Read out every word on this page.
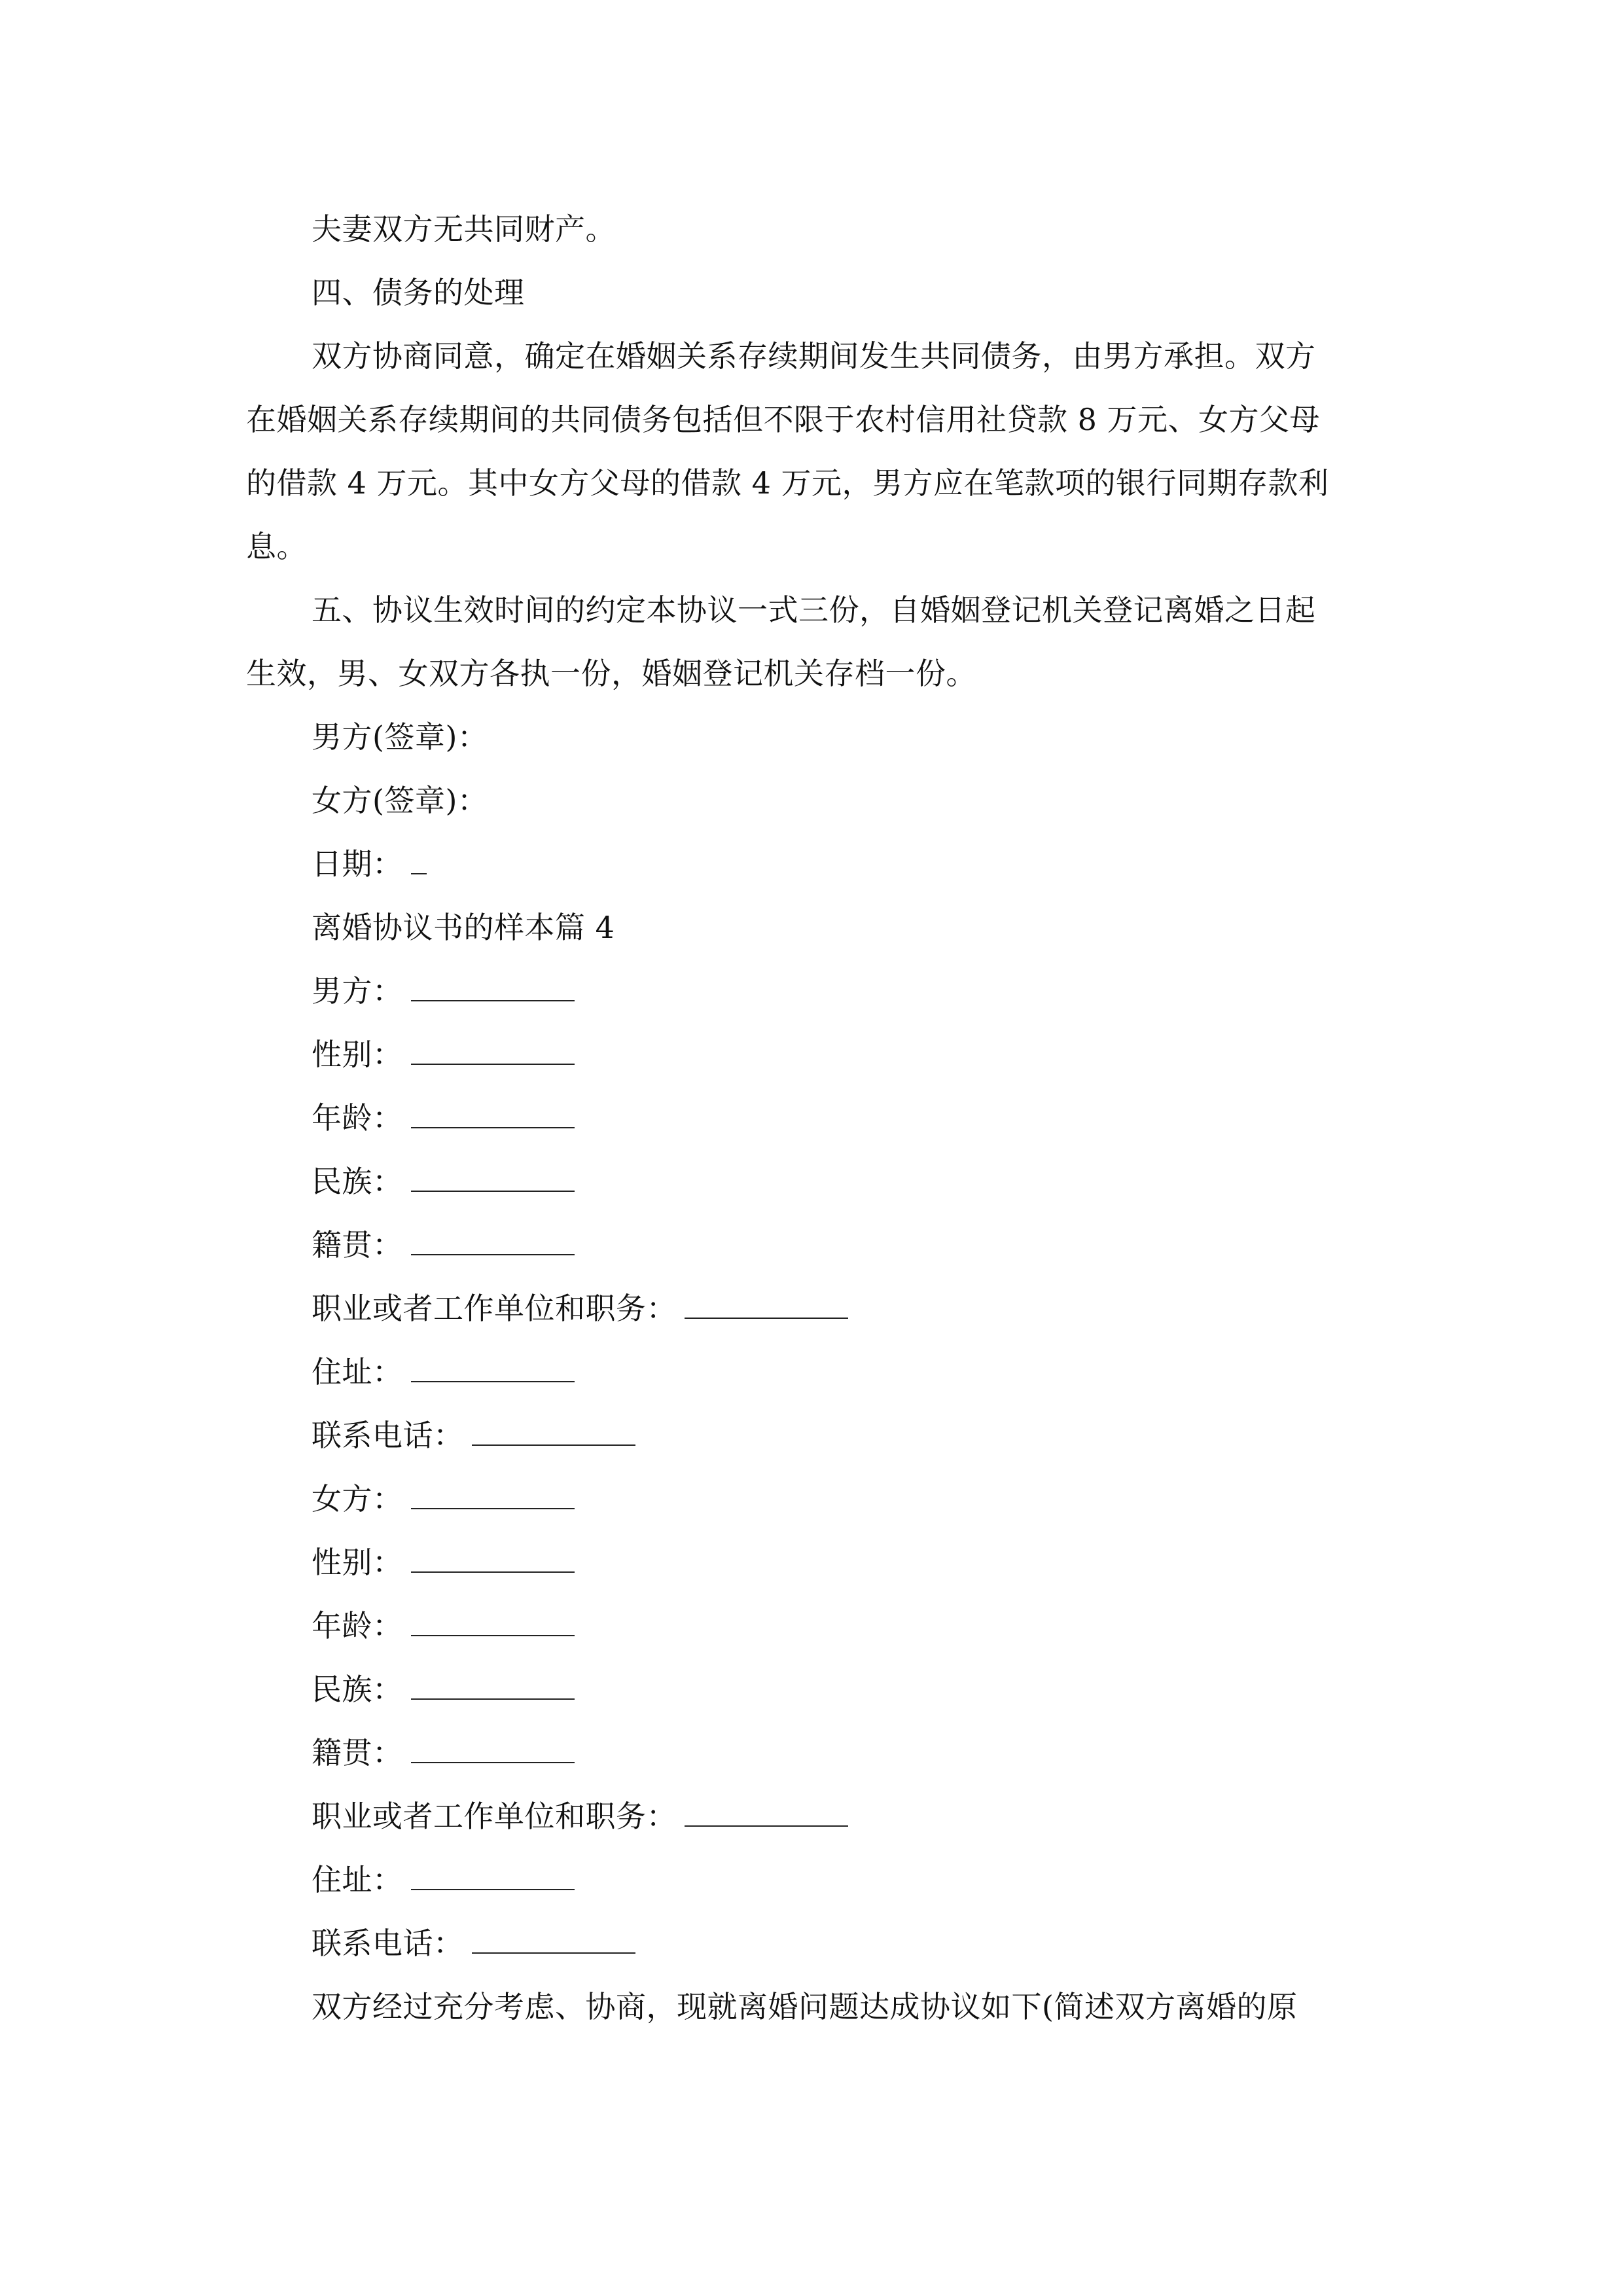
夫妻双方无共同财产。
四、债务的处理
双方协商同意，确定在婚姻关系存续期间发生共同债务，由男方承担。双方
在婚姻关系存续期间的共同债务包括但不限于农村信用社贷款 8 万元、女方父母
的借款 4 万元。其中女方父母的借款 4 万元，男方应在笔款项的银行同期存款利
息。
五、协议生效时间的约定本协议一式三份，自婚姻登记机关登记离婚之日起
生效，男、女双方各执一份，婚姻登记机关存档一份。
男方(签章)：
女方(签章)：
日期：
离婚协议书的样本篇 4
男方：
性别：
年龄：
民族：
籍贯：
职业或者工作单位和职务：
住址：
联系电话：
女方：
性别：
年龄：
民族：
籍贯：
职业或者工作单位和职务：
住址：
联系电话：
双方经过充分考虑、协商，现就离婚问题达成协议如下(简述双方离婚的原
